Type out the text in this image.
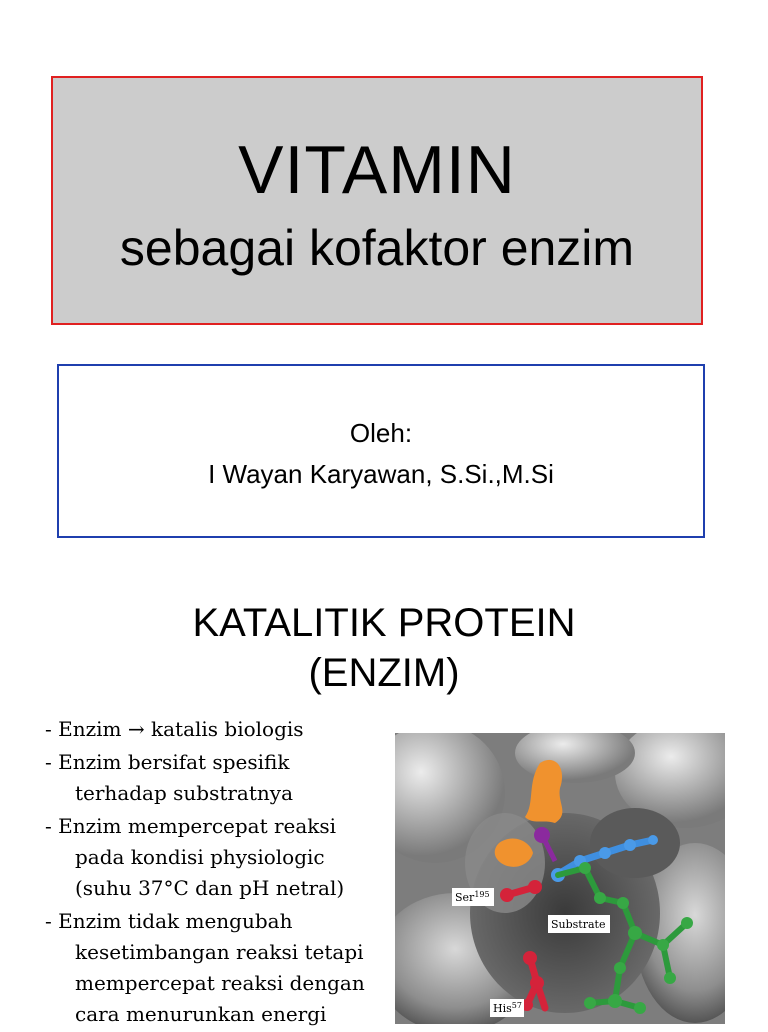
VITAMIN
sebagai kofaktor enzim
Oleh:
I Wayan Karyawan, S.Si.,M.Si
KATALITIK PROTEIN
(ENZIM)
- Enzim → katalis biologis
- Enzim bersifat spesifik
terhadap substratnya
- Enzim mempercepat reaksi
pada kondisi physiologic
(suhu 37°C dan pH netral)
- Enzim tidak mengubah
kesetimbangan reaksi tetapi
mempercepat reaksi dengan
cara menurunkan energi
Ser$^{195}$
Substrate
His$^{57}$
